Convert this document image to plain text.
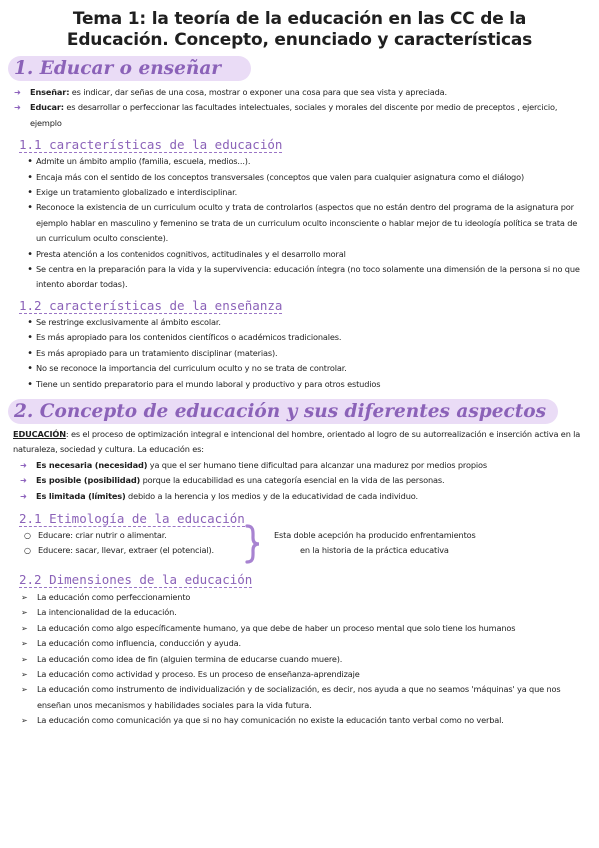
Tema 1: la teoría de la educación en las CC de la
Educación. Concepto, enunciado y características
1. Educar o enseñar
➜	Enseñar: es indicar, dar señas de una cosa, mostrar o exponer una cosa para que sea vista y apreciada.
➜	Educar: es desarrollar o perfeccionar las facultades intelectuales, sociales y morales del discente por medio de preceptos , ejercicio, ejemplo
1.1 características de la educación
• Admite un ámbito amplio (familia, escuela, medios...).
• Encaja más con el sentido de los conceptos transversales (conceptos que valen para cualquier asignatura como el diálogo)
• Exige un tratamiento globalizado e interdisciplinar.
• Reconoce la existencia de un curriculum oculto y trata de controlarlos (aspectos que no están dentro del programa de la asignatura por ejemplo hablar en masculino y femenino se trata de un curriculum oculto inconsciente o hablar mejor de tu ideología política se trata de un curriculum oculto consciente).
• Presta atención a los contenidos cognitivos, actitudinales y el desarrollo moral
• Se centra en la preparación para la vida y la supervivencia: educación íntegra (no toco solamente una dimensión de la persona si no que intento abordar todas).
1.2 características de la enseñanza
• Se restringe exclusivamente al ámbito escolar.
• Es más apropiado para los contenidos científicos o académicos tradicionales.
• Es más apropiado para un tratamiento disciplinar (materias).
• No se reconoce la importancia del curriculum oculto y no se trata de controlar.
• Tiene un sentido preparatorio para el mundo laboral y productivo y para otros estudios
2. Concepto de educación y sus diferentes aspectos
EDUCACIÓN: es el proceso de optimización integral e intencional del hombre, orientado al logro de su autorrealización e inserción activa en la naturaleza, sociedad y cultura. La educación es:
➜	Es necesaria (necesidad) ya que el ser humano tiene dificultad para alcanzar una madurez por medios propios
➜	Es posible (posibilidad) porque la educabilidad es una categoría esencial en la vida de las personas.
➜	Es limitada (límites) debido a la herencia y los medios y de la educatividad de cada individuo.
2.1 Etimología de la educación
○ Educare: criar nutrir o alimentar.
○ Educere: sacar, llevar, extraer (el potencial).
Esta doble acepción ha producido enfrentamientos
en la historia de la práctica educativa
2.2 Dimensiones de la educación
➢	La educación como perfeccionamiento
➢	La intencionalidad de la educación.
➢	La educación como algo específicamente humano, ya que debe de haber un proceso mental que solo tiene los humanos
➢	La educación como influencia, conducción y ayuda.
➢	La educación como idea de fin (alguien termina de educarse cuando muere).
➢	La educación como actividad y proceso. Es un proceso de enseñanza-aprendizaje
➢	La educación como instrumento de individualización y de socialización, es decir, nos ayuda a que no seamos 'máquinas' ya que nos enseñan unos mecanismos y habilidades sociales para la vida futura.
➢	La educación como comunicación ya que si no hay comunicación no existe la educación tanto verbal como no verbal.
